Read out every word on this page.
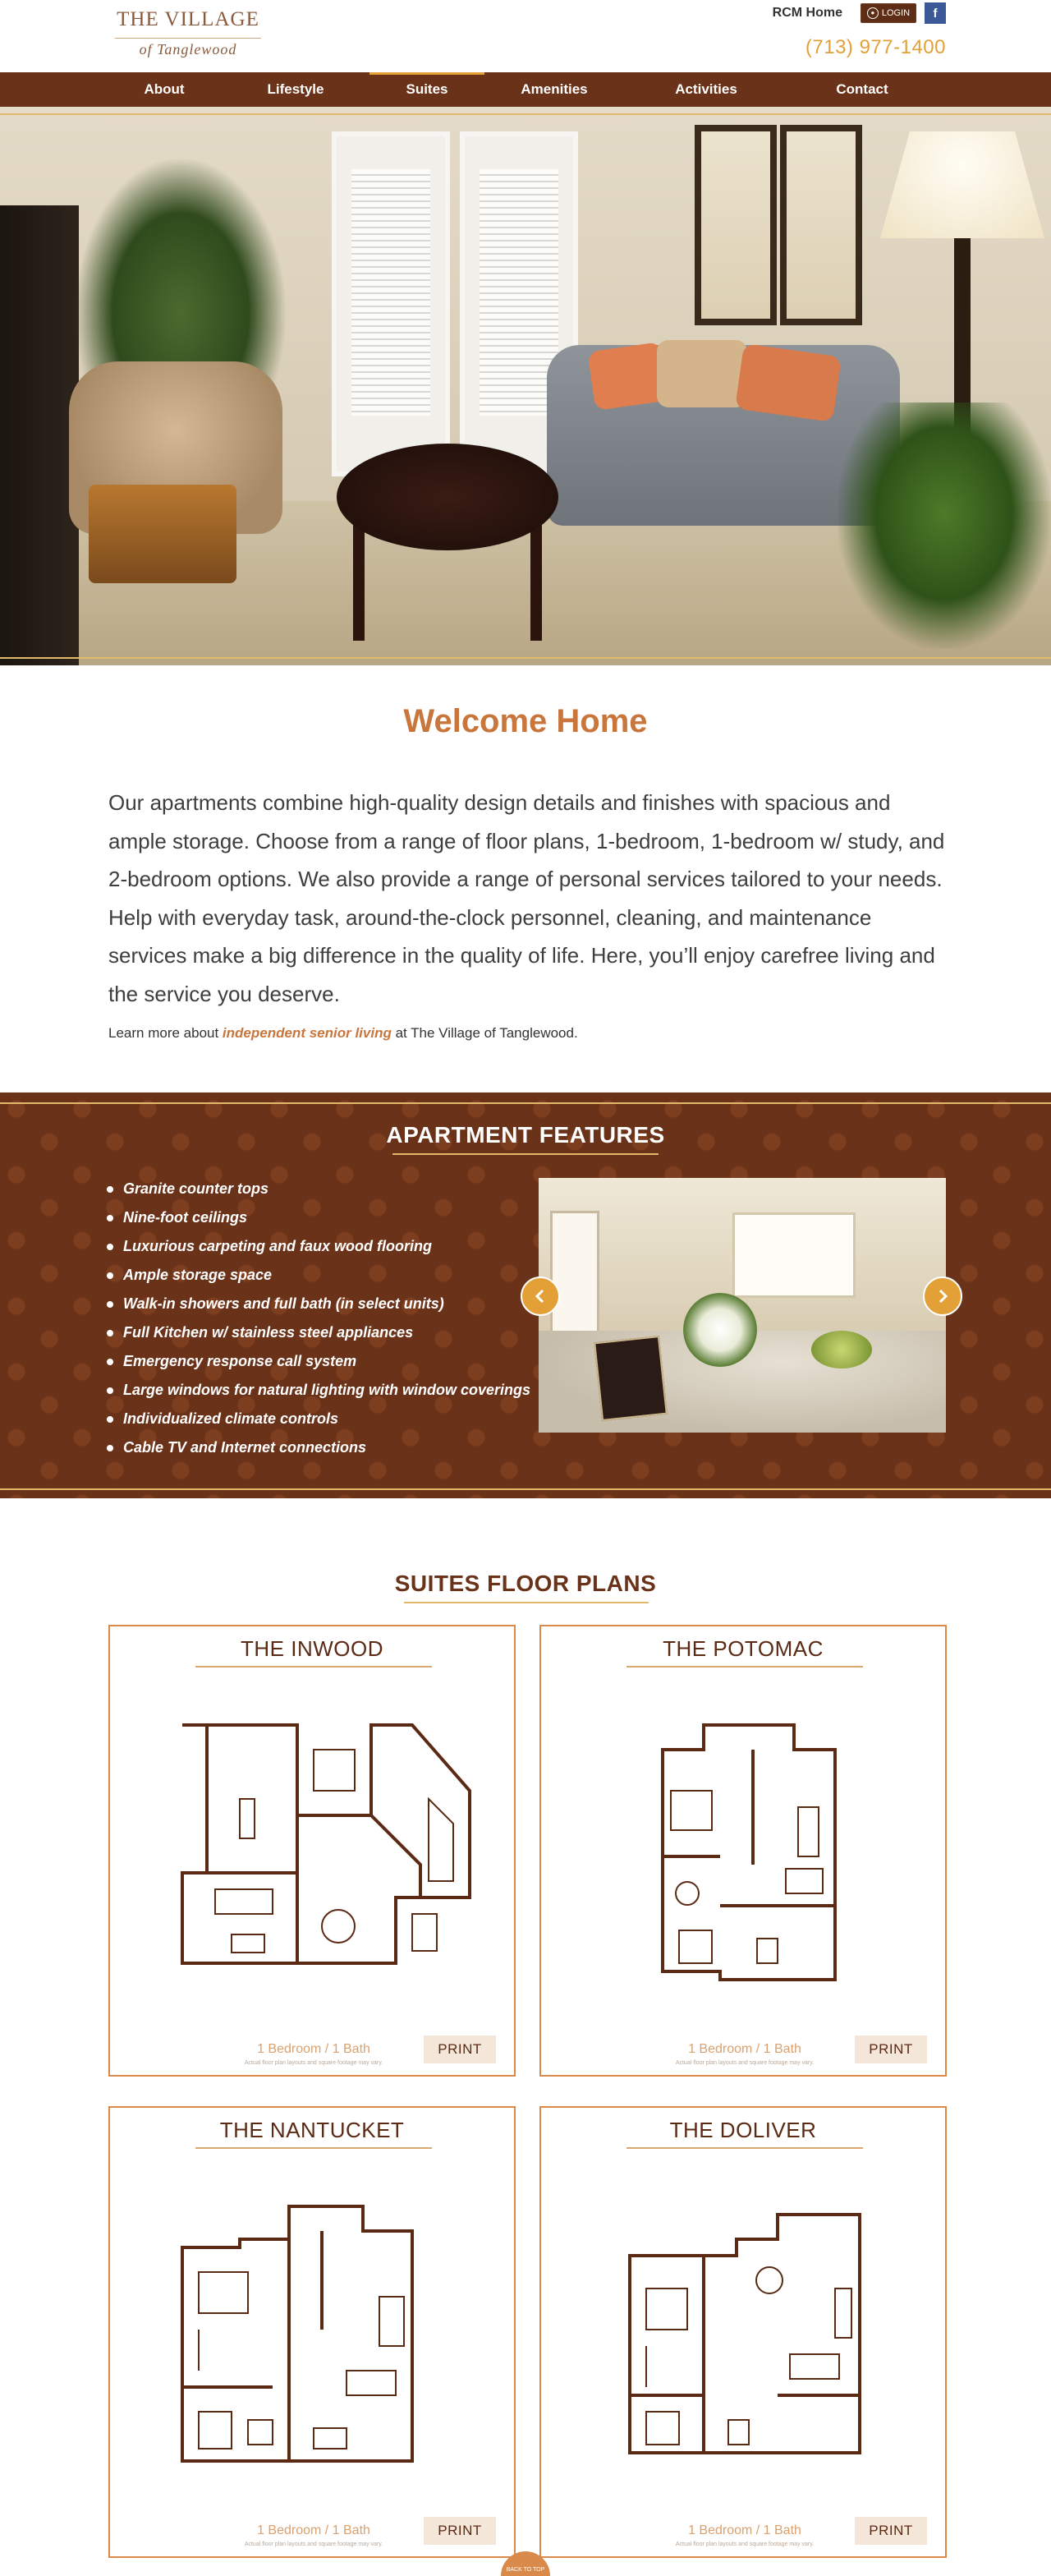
THE VILLAGE
of Tanglewood
RCM Home	● LOGIN	f
(713) 977-1400
About	Lifestyle	Suites	Amenities	Activities	Contact
Welcome Home

Our apartments combine high-quality design details and finishes with spacious and ample storage. Choose from a range of floor plans, 1-bedroom, 1-bedroom w/ study, and 2-bedroom options. We also provide a range of personal services tailored to your needs. Help with everyday task, around-the-clock personnel, cleaning, and maintenance services make a big difference in the quality of life. Here, you’ll enjoy carefree living and the service you deserve.

Learn more about independent senior living at The Village of Tanglewood.

APARTMENT FEATURES
Granite counter tops
Nine-foot ceilings
Luxurious carpeting and faux wood flooring
Ample storage space
Walk-in showers and full bath (in select units)
Full Kitchen w/ stainless steel appliances
Emergency response call system
Large windows for natural lighting with window coverings
Individualized climate controls
Cable TV and Internet connections
SUITES FLOOR PLANS
THE INWOOD
1 Bedroom / 1 Bath
Actual floor plan layouts and square footage may vary.
PRINT
THE POTOMAC
1 Bedroom / 1 Bath
Actual floor plan layouts and square footage may vary.
PRINT
THE NANTUCKET
1 Bedroom / 1 Bath
Actual floor plan layouts and square footage may vary.
PRINT
THE DOLIVER
1 Bedroom / 1 Bath
Actual floor plan layouts and square footage may vary.
PRINT
BACK TO TOP
